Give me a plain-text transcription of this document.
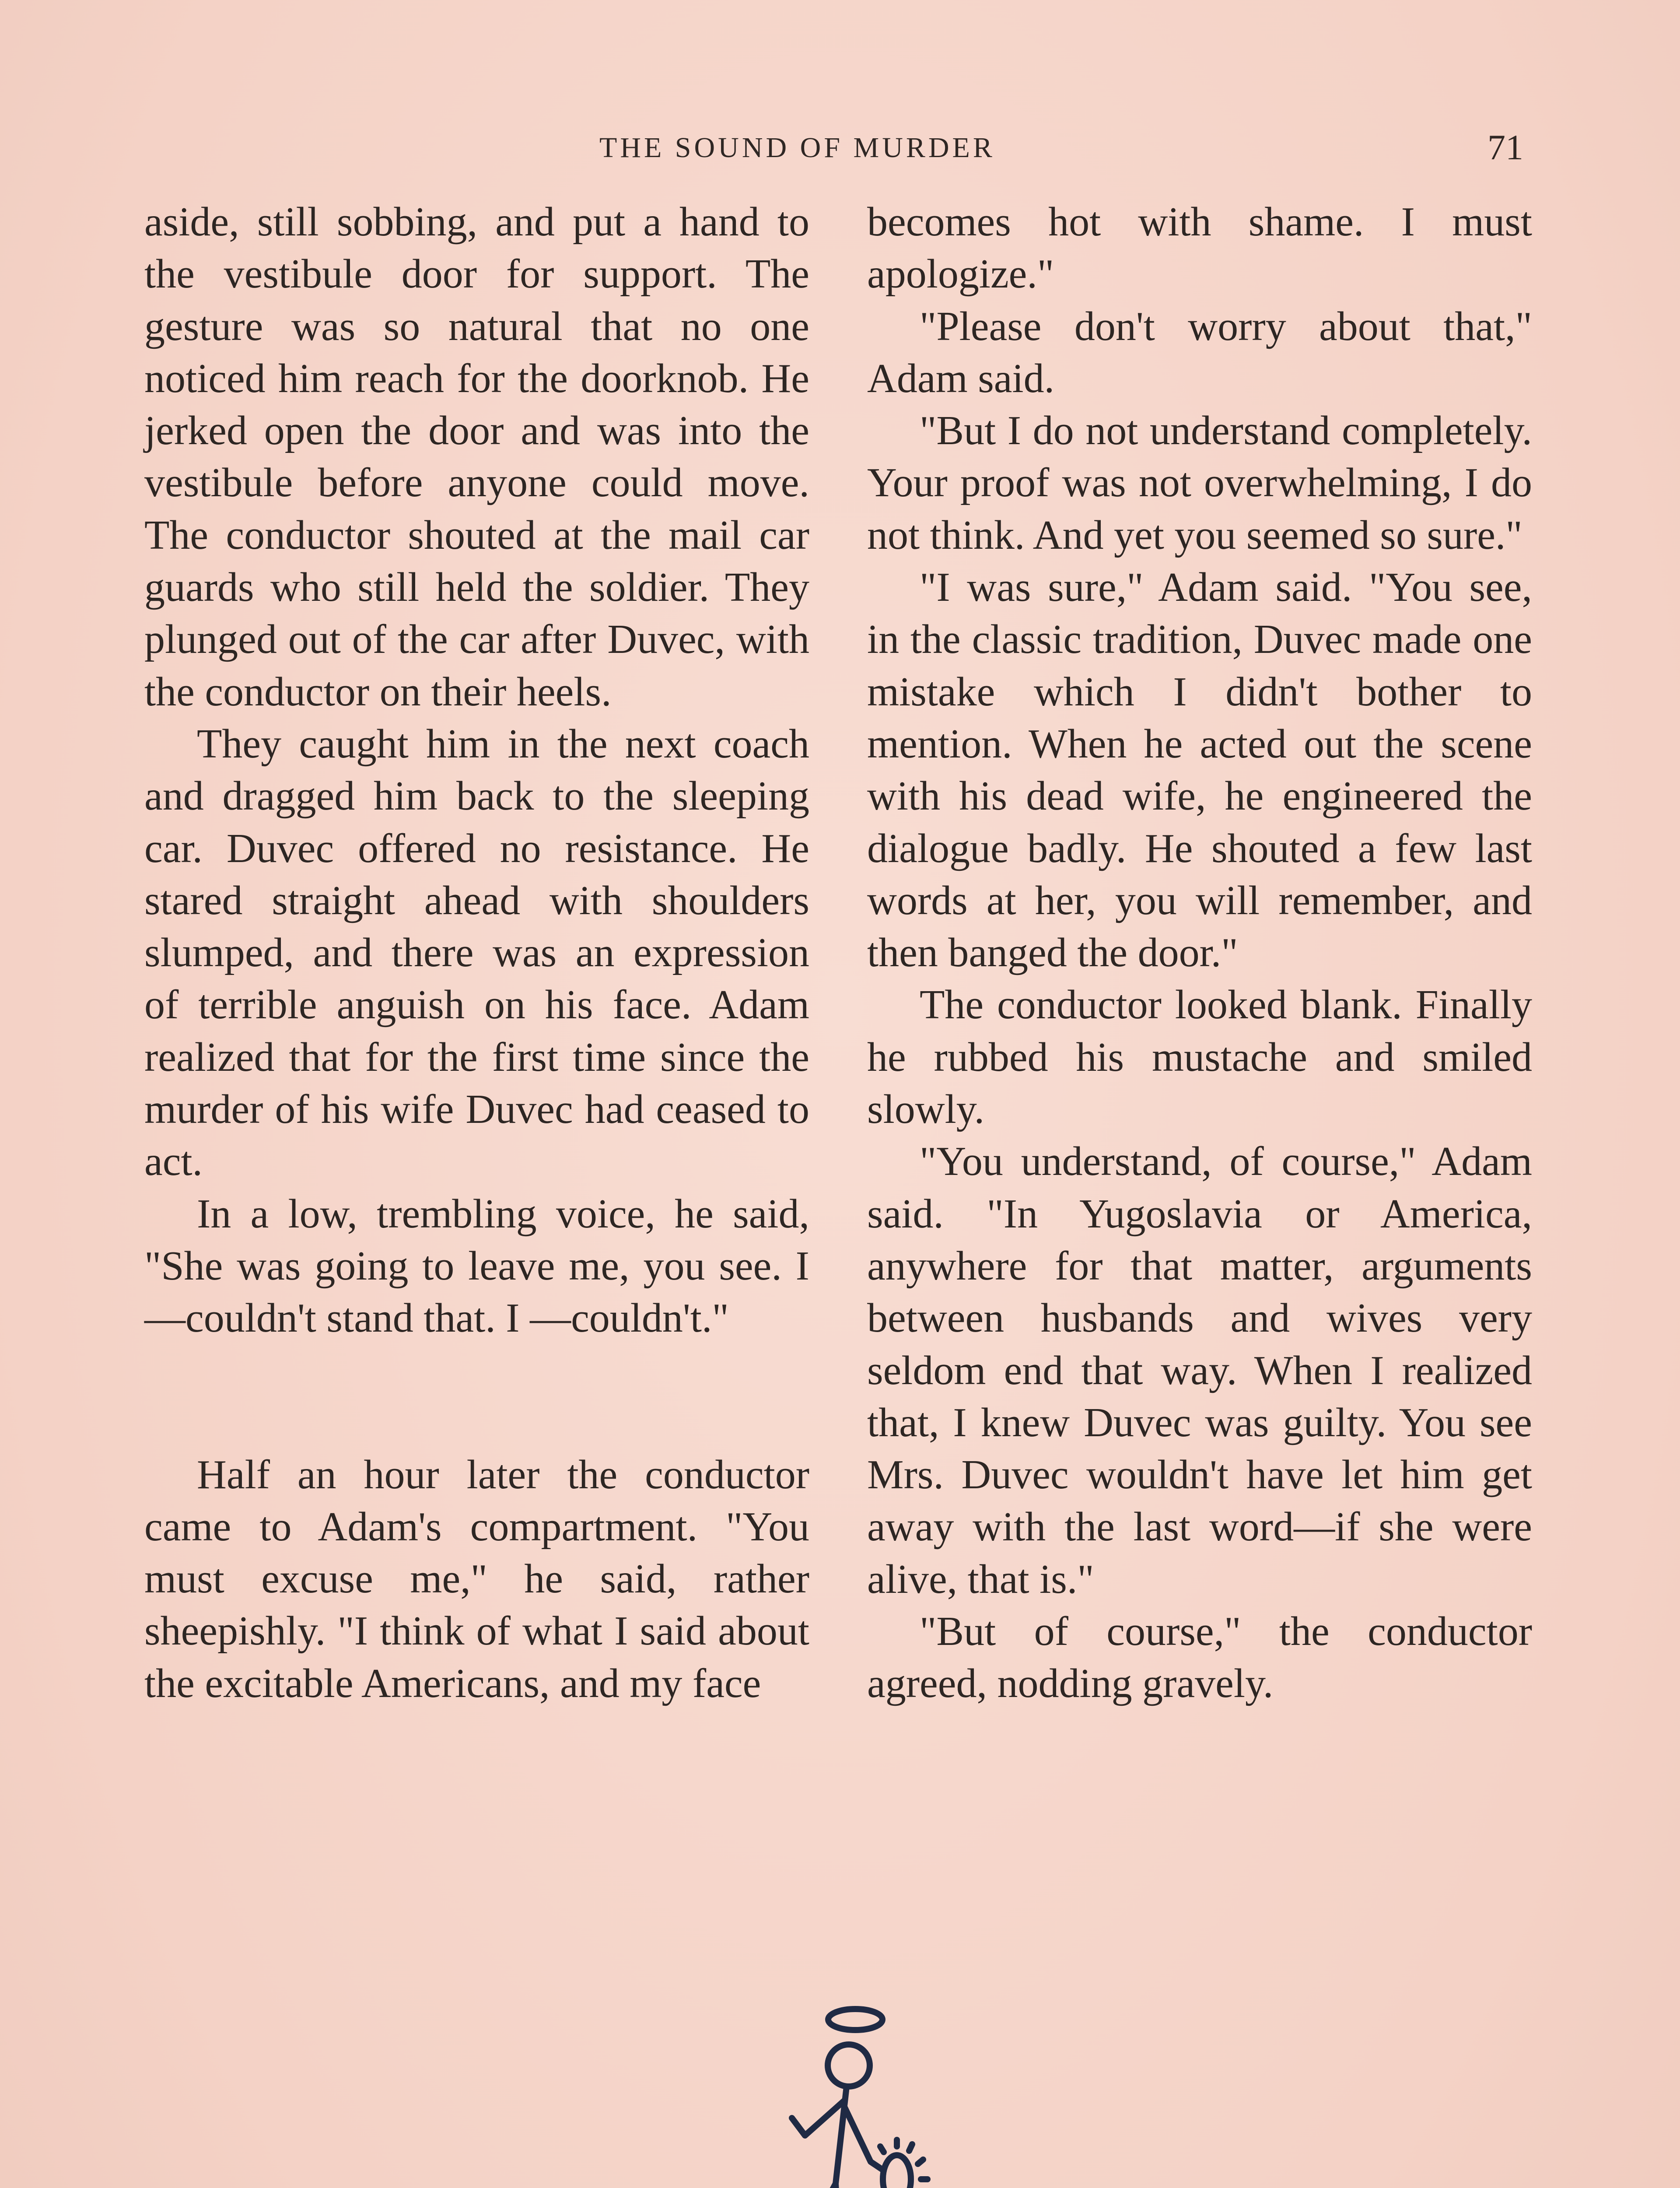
THE SOUND OF MURDER	71

aside, still sobbing, and put a hand to the vestibule door for support. The gesture was so natural that no one noticed him reach for the doorknob. He jerked open the door and was into the vestibule before anyone could move. The conductor shouted at the mail car guards who still held the soldier. They plunged out of the car after Duvec, with the conductor on their heels.

They caught him in the next coach and dragged him back to the sleeping car. Duvec offered no resistance. He stared straight ahead with shoulders slumped, and there was an expression of terrible anguish on his face. Adam realized that for the first time since the murder of his wife Duvec had ceased to act.

In a low, trembling voice, he said, "She was going to leave me, you see. I—couldn't stand that. I —couldn't."

Half an hour later the conductor came to Adam's compartment. "You must excuse me," he said, rather sheepishly. "I think of what I said about the excitable Americans, and my face

becomes hot with shame. I must apologize."

"Please don't worry about that," Adam said.

"But I do not understand completely. Your proof was not overwhelming, I do not think. And yet you seemed so sure."

"I was sure," Adam said. "You see, in the classic tradition, Duvec made one mistake which I didn't bother to mention. When he acted out the scene with his dead wife, he engineered the dialogue badly. He shouted a few last words at her, you will remember, and then banged the door."

The conductor looked blank. Finally he rubbed his mustache and smiled slowly.

"You understand, of course," Adam said. "In Yugoslavia or America, anywhere for that matter, arguments between husbands and wives very seldom end that way. When I realized that, I knew Duvec was guilty. You see Mrs. Duvec wouldn't have let him get away with the last word—if she were alive, that is."

"But of course," the conductor agreed, nodding gravely.
